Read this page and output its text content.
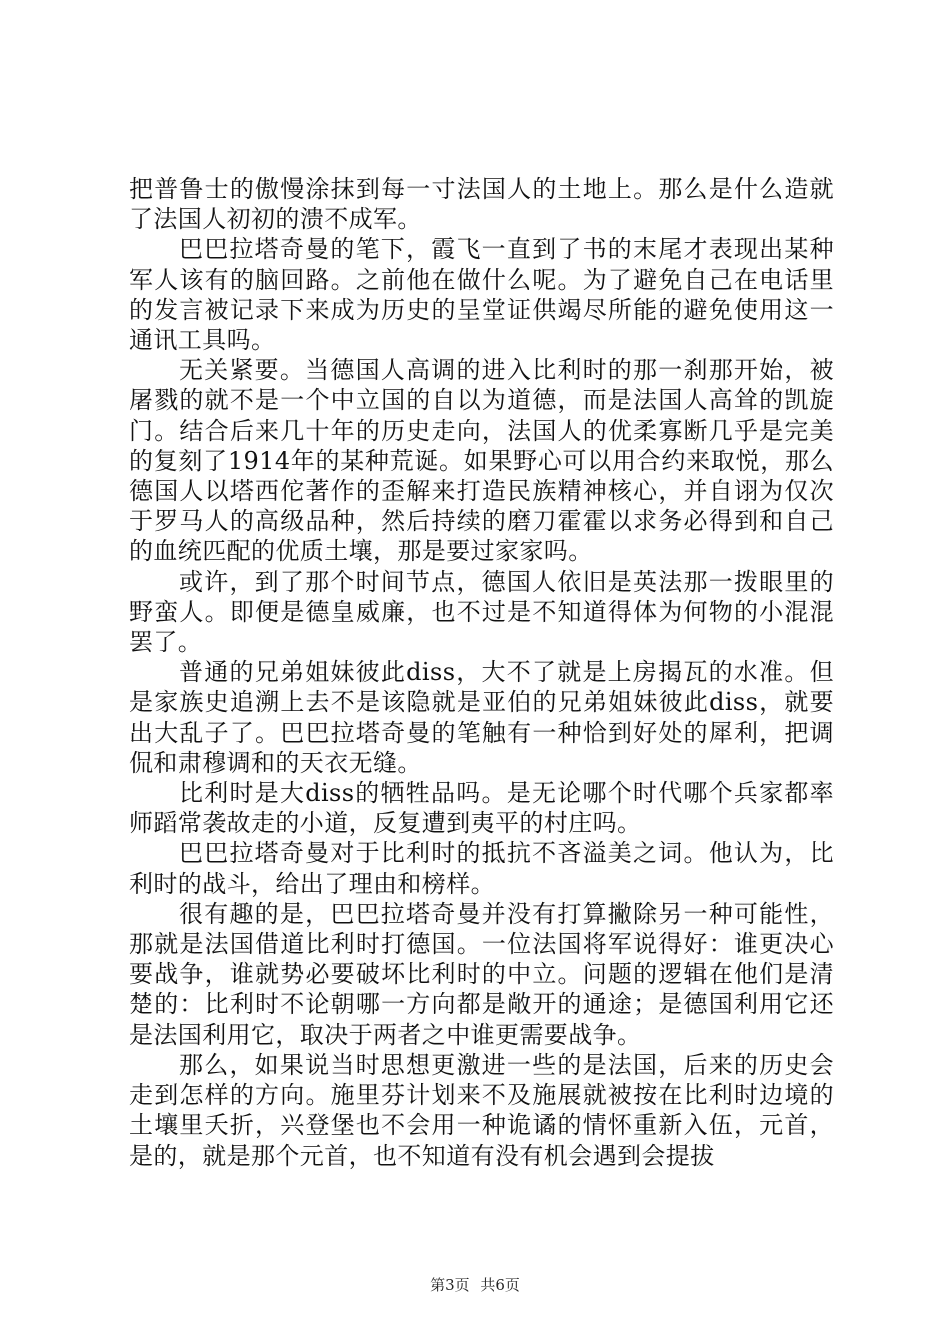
把普鲁士的傲慢涂抹到每一寸法国人的土地上。那么是什么造就了法国人初初的溃不成军。

巴巴拉塔奇曼的笔下，霞飞一直到了书的末尾才表现出某种军人该有的脑回路。之前他在做什么呢。为了避免自己在电话里的发言被记录下来成为历史的呈堂证供竭尽所能的避免使用这一通讯工具吗。

无关紧要。当德国人高调的进入比利时的那一刹那开始，被屠戮的就不是一个中立国的自以为道德，而是法国人高耸的凯旋门。结合后来几十年的历史走向，法国人的优柔寡断几乎是完美的复刻了1914年的某种荒诞。如果野心可以用合约来取悦，那么德国人以塔西佗著作的歪解来打造民族精神核心，并自诩为仅次于罗马人的高级品种，然后持续的磨刀霍霍以求务必得到和自己的血统匹配的优质土壤，那是要过家家吗。

或许，到了那个时间节点，德国人依旧是英法那一拨眼里的野蛮人。即便是德皇威廉，也不过是不知道得体为何物的小混混罢了。

普通的兄弟姐妹彼此diss，大不了就是上房揭瓦的水准。但是家族史追溯上去不是该隐就是亚伯的兄弟姐妹彼此diss，就要出大乱子了。巴巴拉塔奇曼的笔触有一种恰到好处的犀利，把调侃和肃穆调和的天衣无缝。

比利时是大diss的牺牲品吗。是无论哪个时代哪个兵家都率师蹈常袭故走的小道，反复遭到夷平的村庄吗。

巴巴拉塔奇曼对于比利时的抵抗不吝溢美之词。他认为，比利时的战斗，给出了理由和榜样。

很有趣的是，巴巴拉塔奇曼并没有打算撇除另一种可能性，那就是法国借道比利时打德国。一位法国将军说得好：谁更决心要战争，谁就势必要破坏比利时的中立。问题的逻辑在他们是清楚的：比利时不论朝哪一方向都是敞开的通途；是德国利用它还是法国利用它，取决于两者之中谁更需要战争。

那么，如果说当时思想更激进一些的是法国，后来的历史会走到怎样的方向。施里芬计划来不及施展就被按在比利时边境的土壤里夭折，兴登堡也不会用一种诡谲的情怀重新入伍，元首，是的，就是那个元首，也不知道有没有机会遇到会提拔

第3页 共6页
